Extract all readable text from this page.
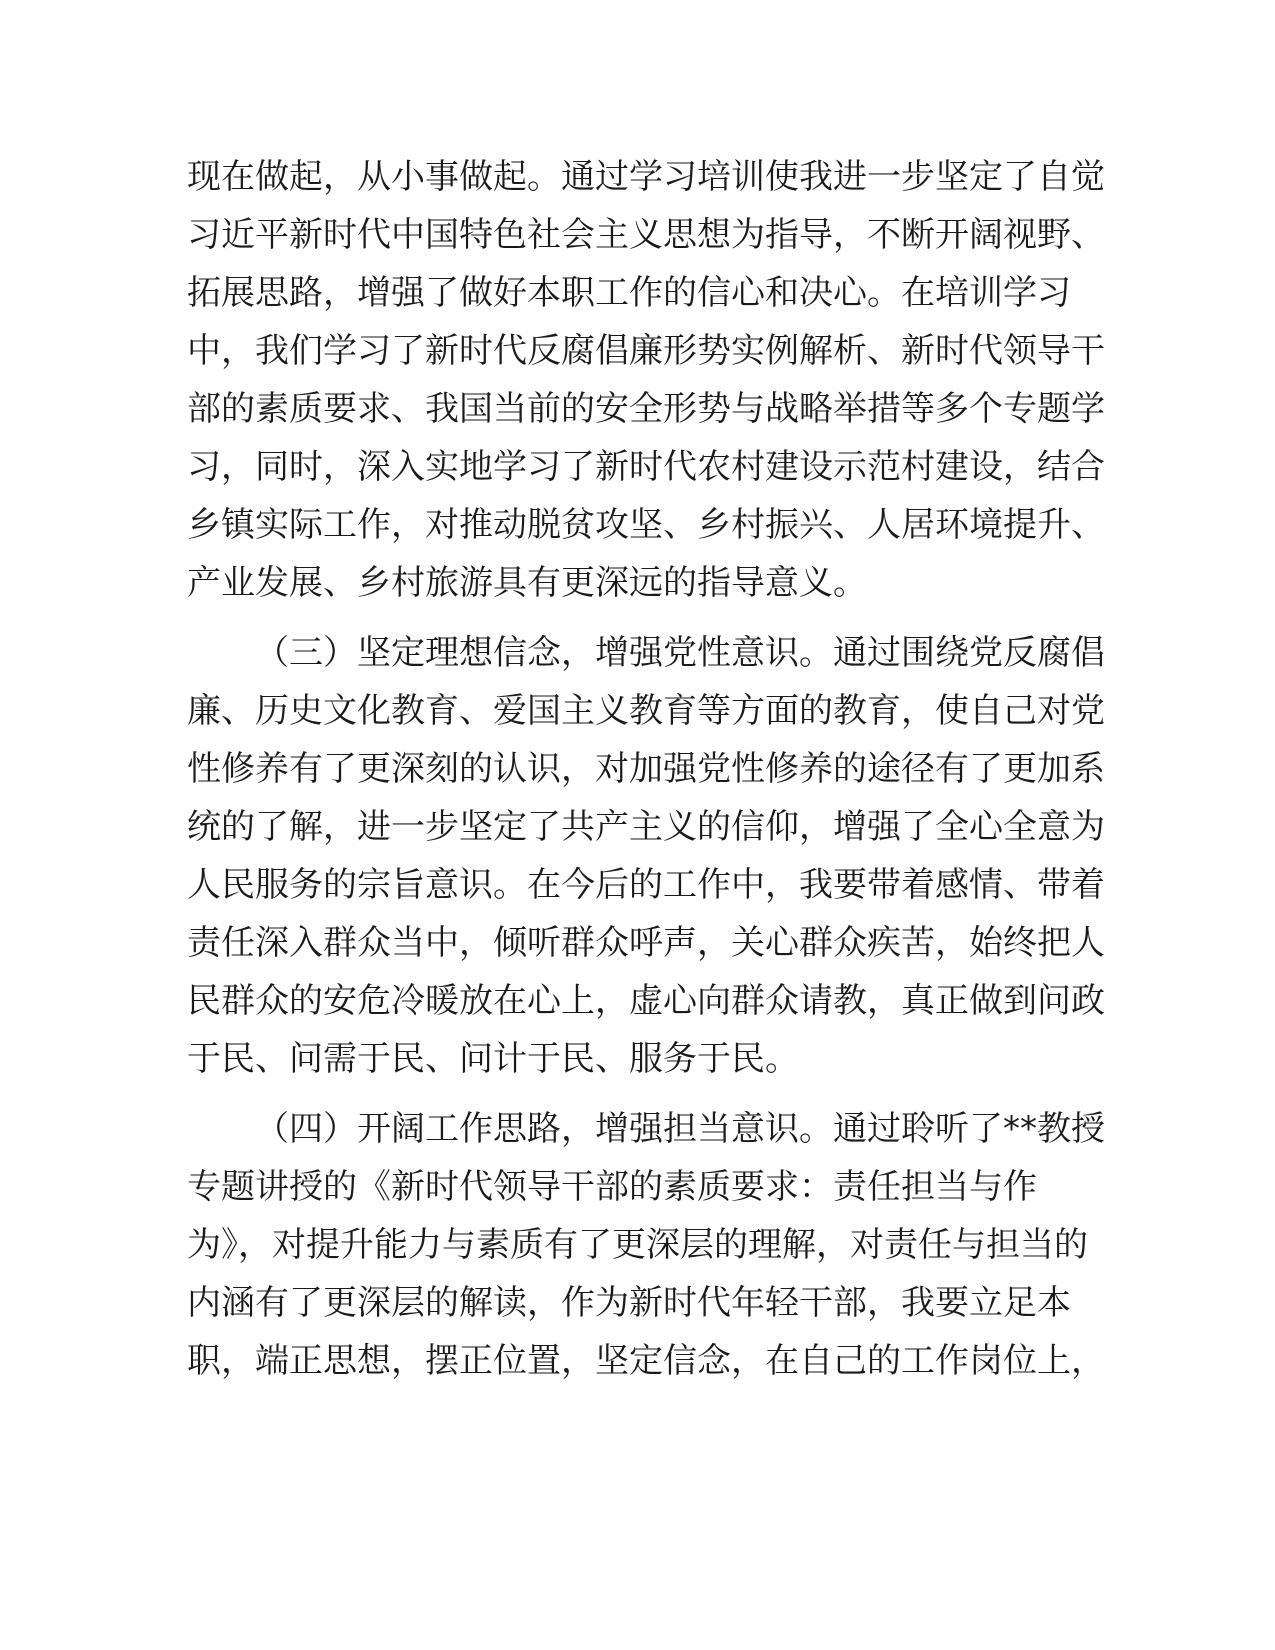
现在做起，从小事做起。通过学习培训使我进一步坚定了自觉
习近平新时代中国特色社会主义思想为指导，不断开阔视野、
拓展思路，增强了做好本职工作的信心和决心。在培训学习
中，我们学习了新时代反腐倡廉形势实例解析、新时代领导干
部的素质要求、我国当前的安全形势与战略举措等多个专题学
习，同时，深入实地学习了新时代农村建设示范村建设，结合
乡镇实际工作，对推动脱贫攻坚、乡村振兴、人居环境提升、
产业发展、乡村旅游具有更深远的指导意义。
（三）坚定理想信念，增强党性意识。通过围绕党反腐倡
廉、历史文化教育、爱国主义教育等方面的教育，使自己对党
性修养有了更深刻的认识，对加强党性修养的途径有了更加系
统的了解，进一步坚定了共产主义的信仰，增强了全心全意为
人民服务的宗旨意识。在今后的工作中，我要带着感情、带着
责任深入群众当中，倾听群众呼声，关心群众疾苦，始终把人
民群众的安危冷暖放在心上，虚心向群众请教，真正做到问政
于民、问需于民、问计于民、服务于民。
（四）开阔工作思路，增强担当意识。通过聆听了**教授
专题讲授的《新时代领导干部的素质要求：责任担当与作
为》，对提升能力与素质有了更深层的理解，对责任与担当的
内涵有了更深层的解读，作为新时代年轻干部，我要立足本
职，端正思想，摆正位置，坚定信念，在自己的工作岗位上，
